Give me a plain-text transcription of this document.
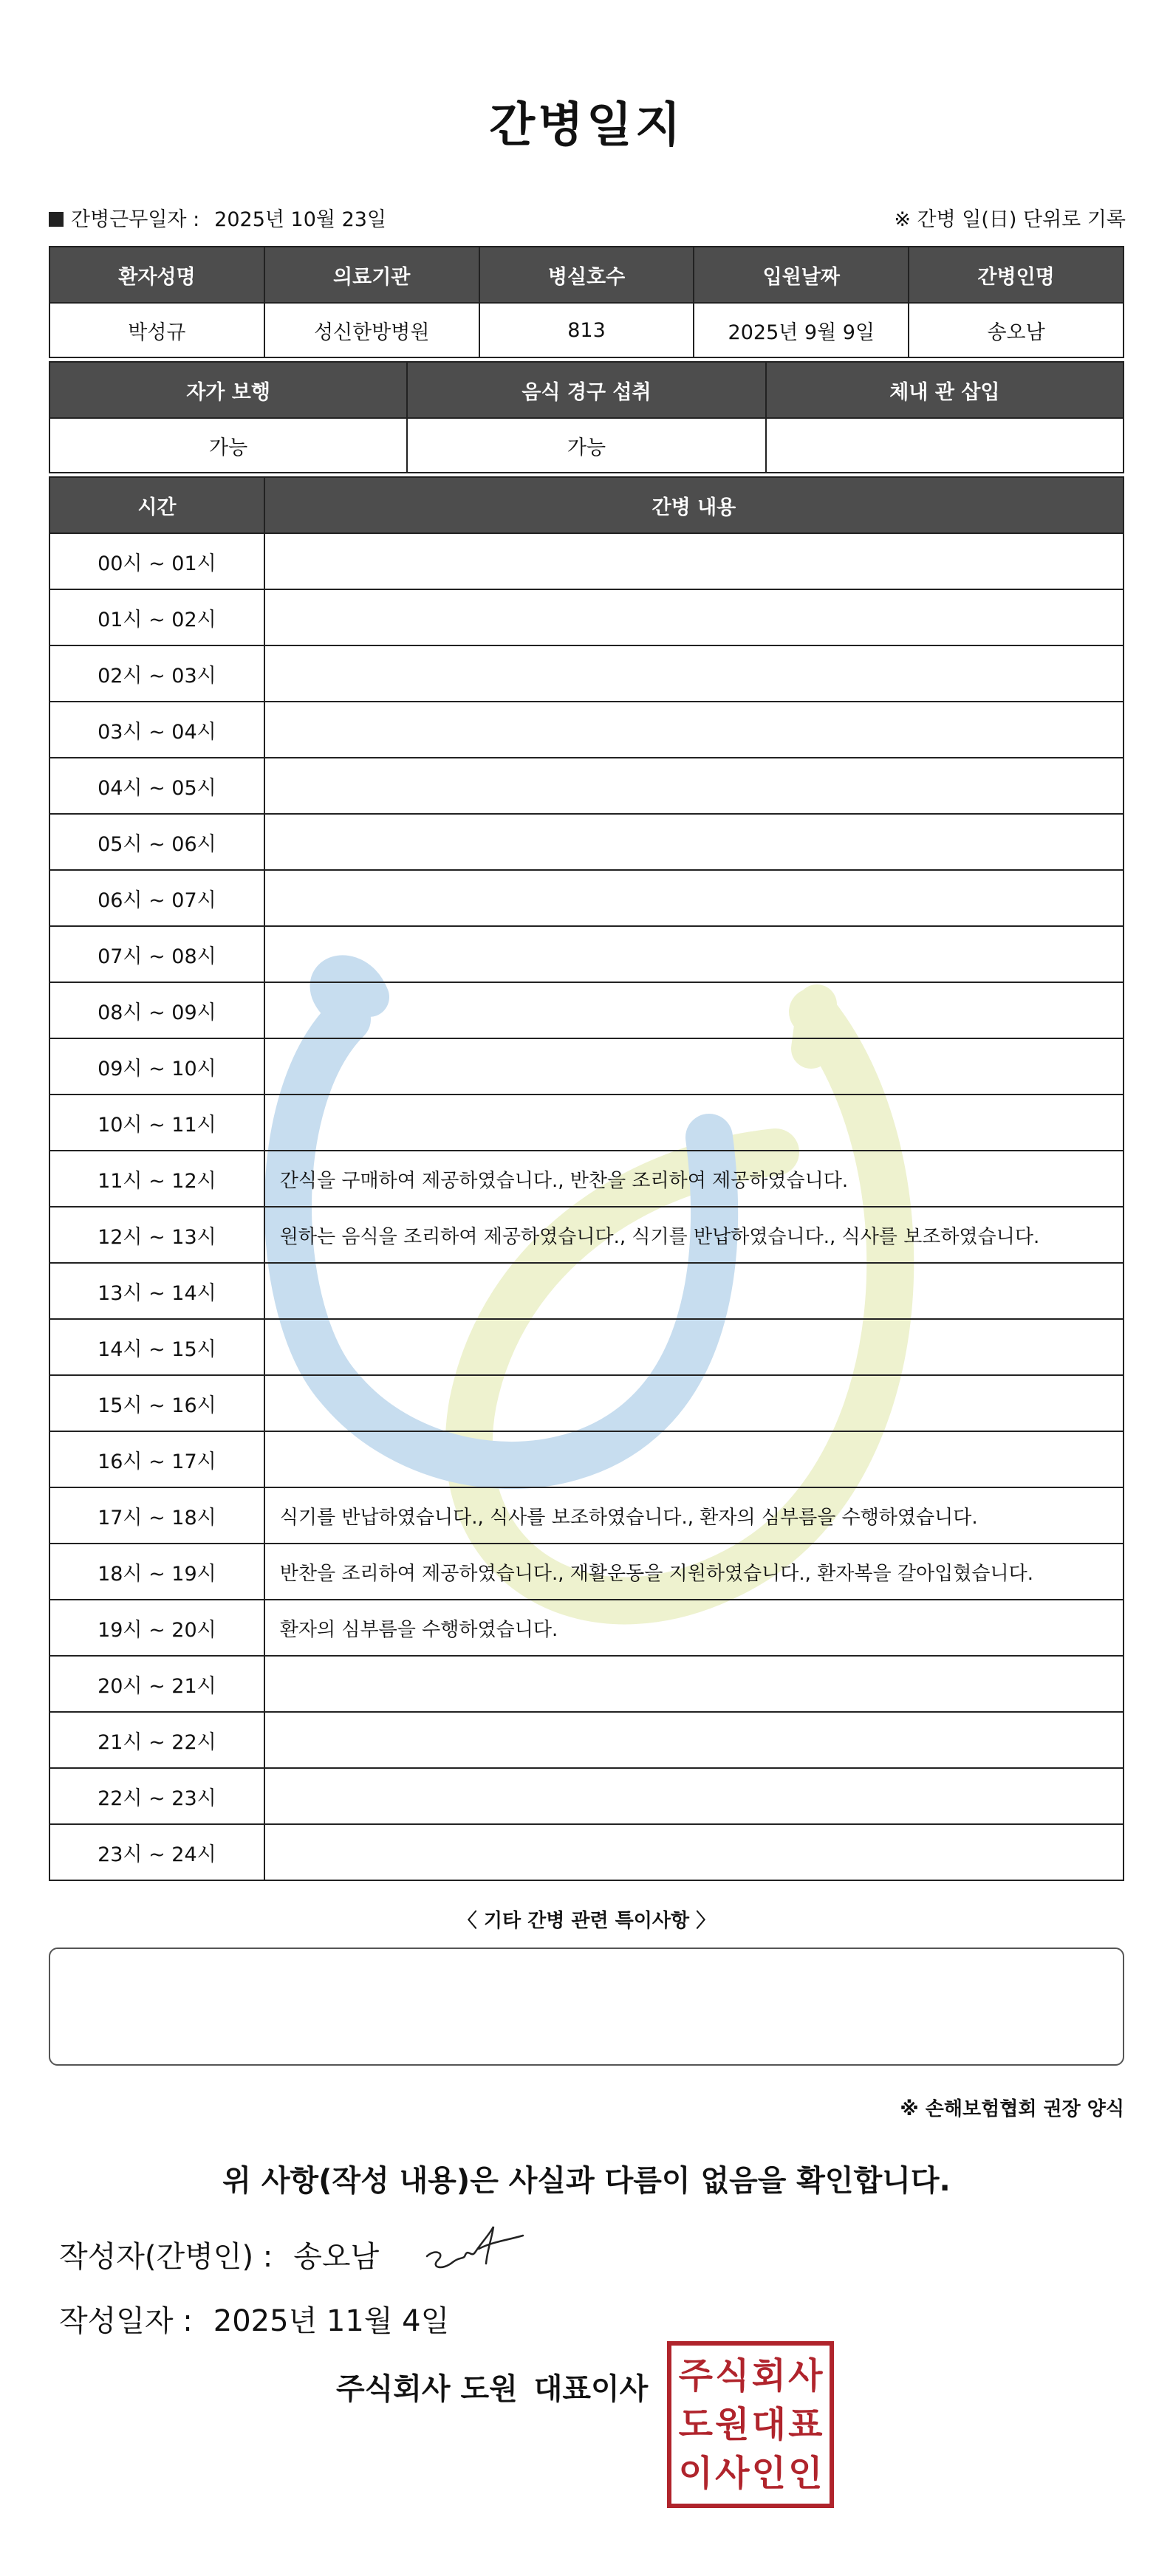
간병일지
간병근무일자 : 2025년 10월 23일	※ 간병 일(日) 단위로 기록
환자성명	의료기관	병실호수	입원날짜	간병인명
박성규	성신한방병원	813	2025년 9월 9일	송오남
자가 보행	음식 경구 섭취	체내 관 삽입
가능	가능	
시간	간병 내용
00시 ~ 01시	
01시 ~ 02시	
02시 ~ 03시	
03시 ~ 04시	
04시 ~ 05시	
05시 ~ 06시	
06시 ~ 07시	
07시 ~ 08시	
08시 ~ 09시	
09시 ~ 10시	
10시 ~ 11시	
11시 ~ 12시	간식을 구매하여 제공하였습니다., 반찬을 조리하여 제공하였습니다.
12시 ~ 13시	원하는 음식을 조리하여 제공하였습니다., 식기를 반납하였습니다., 식사를 보조하였습니다.
13시 ~ 14시	
14시 ~ 15시	
15시 ~ 16시	
16시 ~ 17시	
17시 ~ 18시	식기를 반납하였습니다., 식사를 보조하였습니다., 환자의 심부름을 수행하였습니다.
18시 ~ 19시	반찬을 조리하여 제공하였습니다., 재활운동을 지원하였습니다., 환자복을 갈아입혔습니다.
19시 ~ 20시	환자의 심부름을 수행하였습니다.
20시 ~ 21시	
21시 ~ 22시	
22시 ~ 23시	
23시 ~ 24시	
〈 기타 간병 관련 특이사항 〉
※ 손해보험협회 권장 양식
위 사항(작성 내용)은 사실과 다름이 없음을 확인합니다.
작성자(간병인) : 송오남
작성일자 : 2025년 11월 4일
주식회사 도원 대표이사 주 식 회 사
도 원 대 표
이 사 인 인
